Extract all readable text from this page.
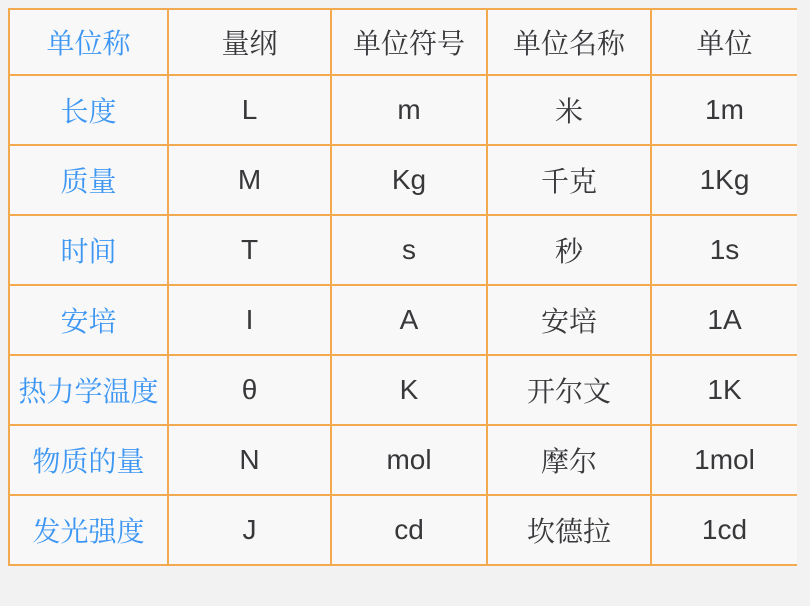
单位称	量纲	单位符号	单位名称	单位
长度	L	m	米	1m
质量	M	Kg	千克	1Kg
时间	T	s	秒	1s
安培	I	A	安培	1A
热力学温度	θ	K	开尔文	1K
物质的量	N	mol	摩尔	1mol
发光强度	J	cd	坎德拉	1cd
